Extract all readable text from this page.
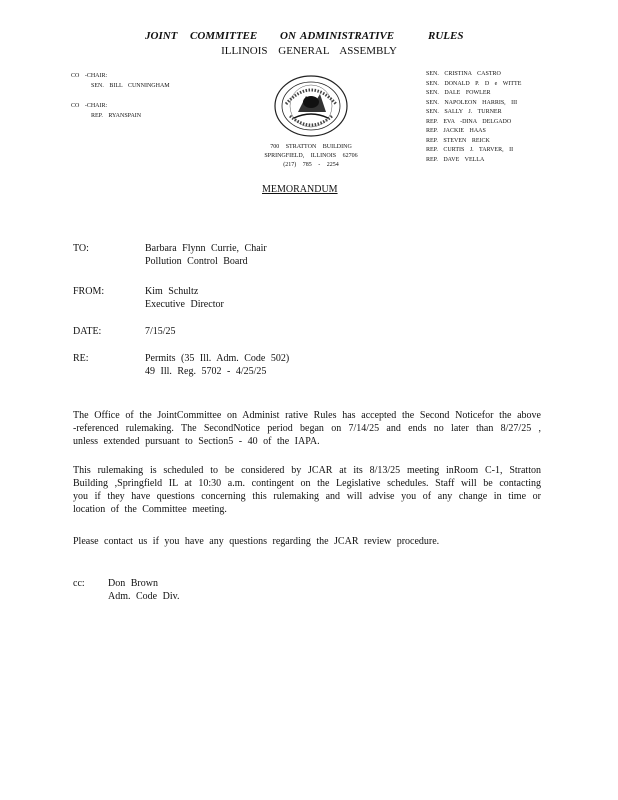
JOINT COMMITTEE ON ADMINISTRATIVE	RULES
ILLINOIS GENERAL ASSEMBLY
CO -CHAIR:
SEN. BILL CUNNINGHAM
CO -CHAIR:
REP. RYANSPAIN
700 STRATTON BUILDING
SPRINGFIELD, ILLINOIS 62706
(217) 785 - 2254
SEN. CRISTINA CASTRO
SEN. DONALD P. D e WITTE
SEN. DALE FOWLER
SEN. NAPOLEON HARRIS, III
SEN. SALLY J. TURNER
REP. EVA -DINA DELGADO
REP. JACKIE HAAS
REP. STEVEN REICK
REP. CURTIS J. TARVER, II
REP. DAVE VELLA
MEMORANDUM
TO:	Barbara Flynn Currie, Chair
Pollution Control Board
FROM:	Kim Schultz
Executive Director
DATE:	7/15/25
RE:	Permits (35 Ill. Adm. Code 502)
49 Ill. Reg. 5702 - 4/25/25
The Office of the JointCommittee on Administ rative Rules has accepted the Second Noticefor the above -referenced rulemaking. The SecondNotice period began on 7/14/25 and ends no later than 8/27/25 , unless extended pursuant to Section5 - 40 of the IAPA.
This rulemaking is scheduled to be considered by JCAR at its 8/13/25 meeting inRoom C-1, Stratton Building ,Springfield IL at 10:30 a.m. contingent on the Legislative schedules. Staff will be contacting you if they have questions concerning this rulemaking and will advise you of any change in time or location of the Committee meeting.
Please contact us if you have any questions regarding the JCAR review procedure.
cc: Don Brown
Adm. Code Div.
